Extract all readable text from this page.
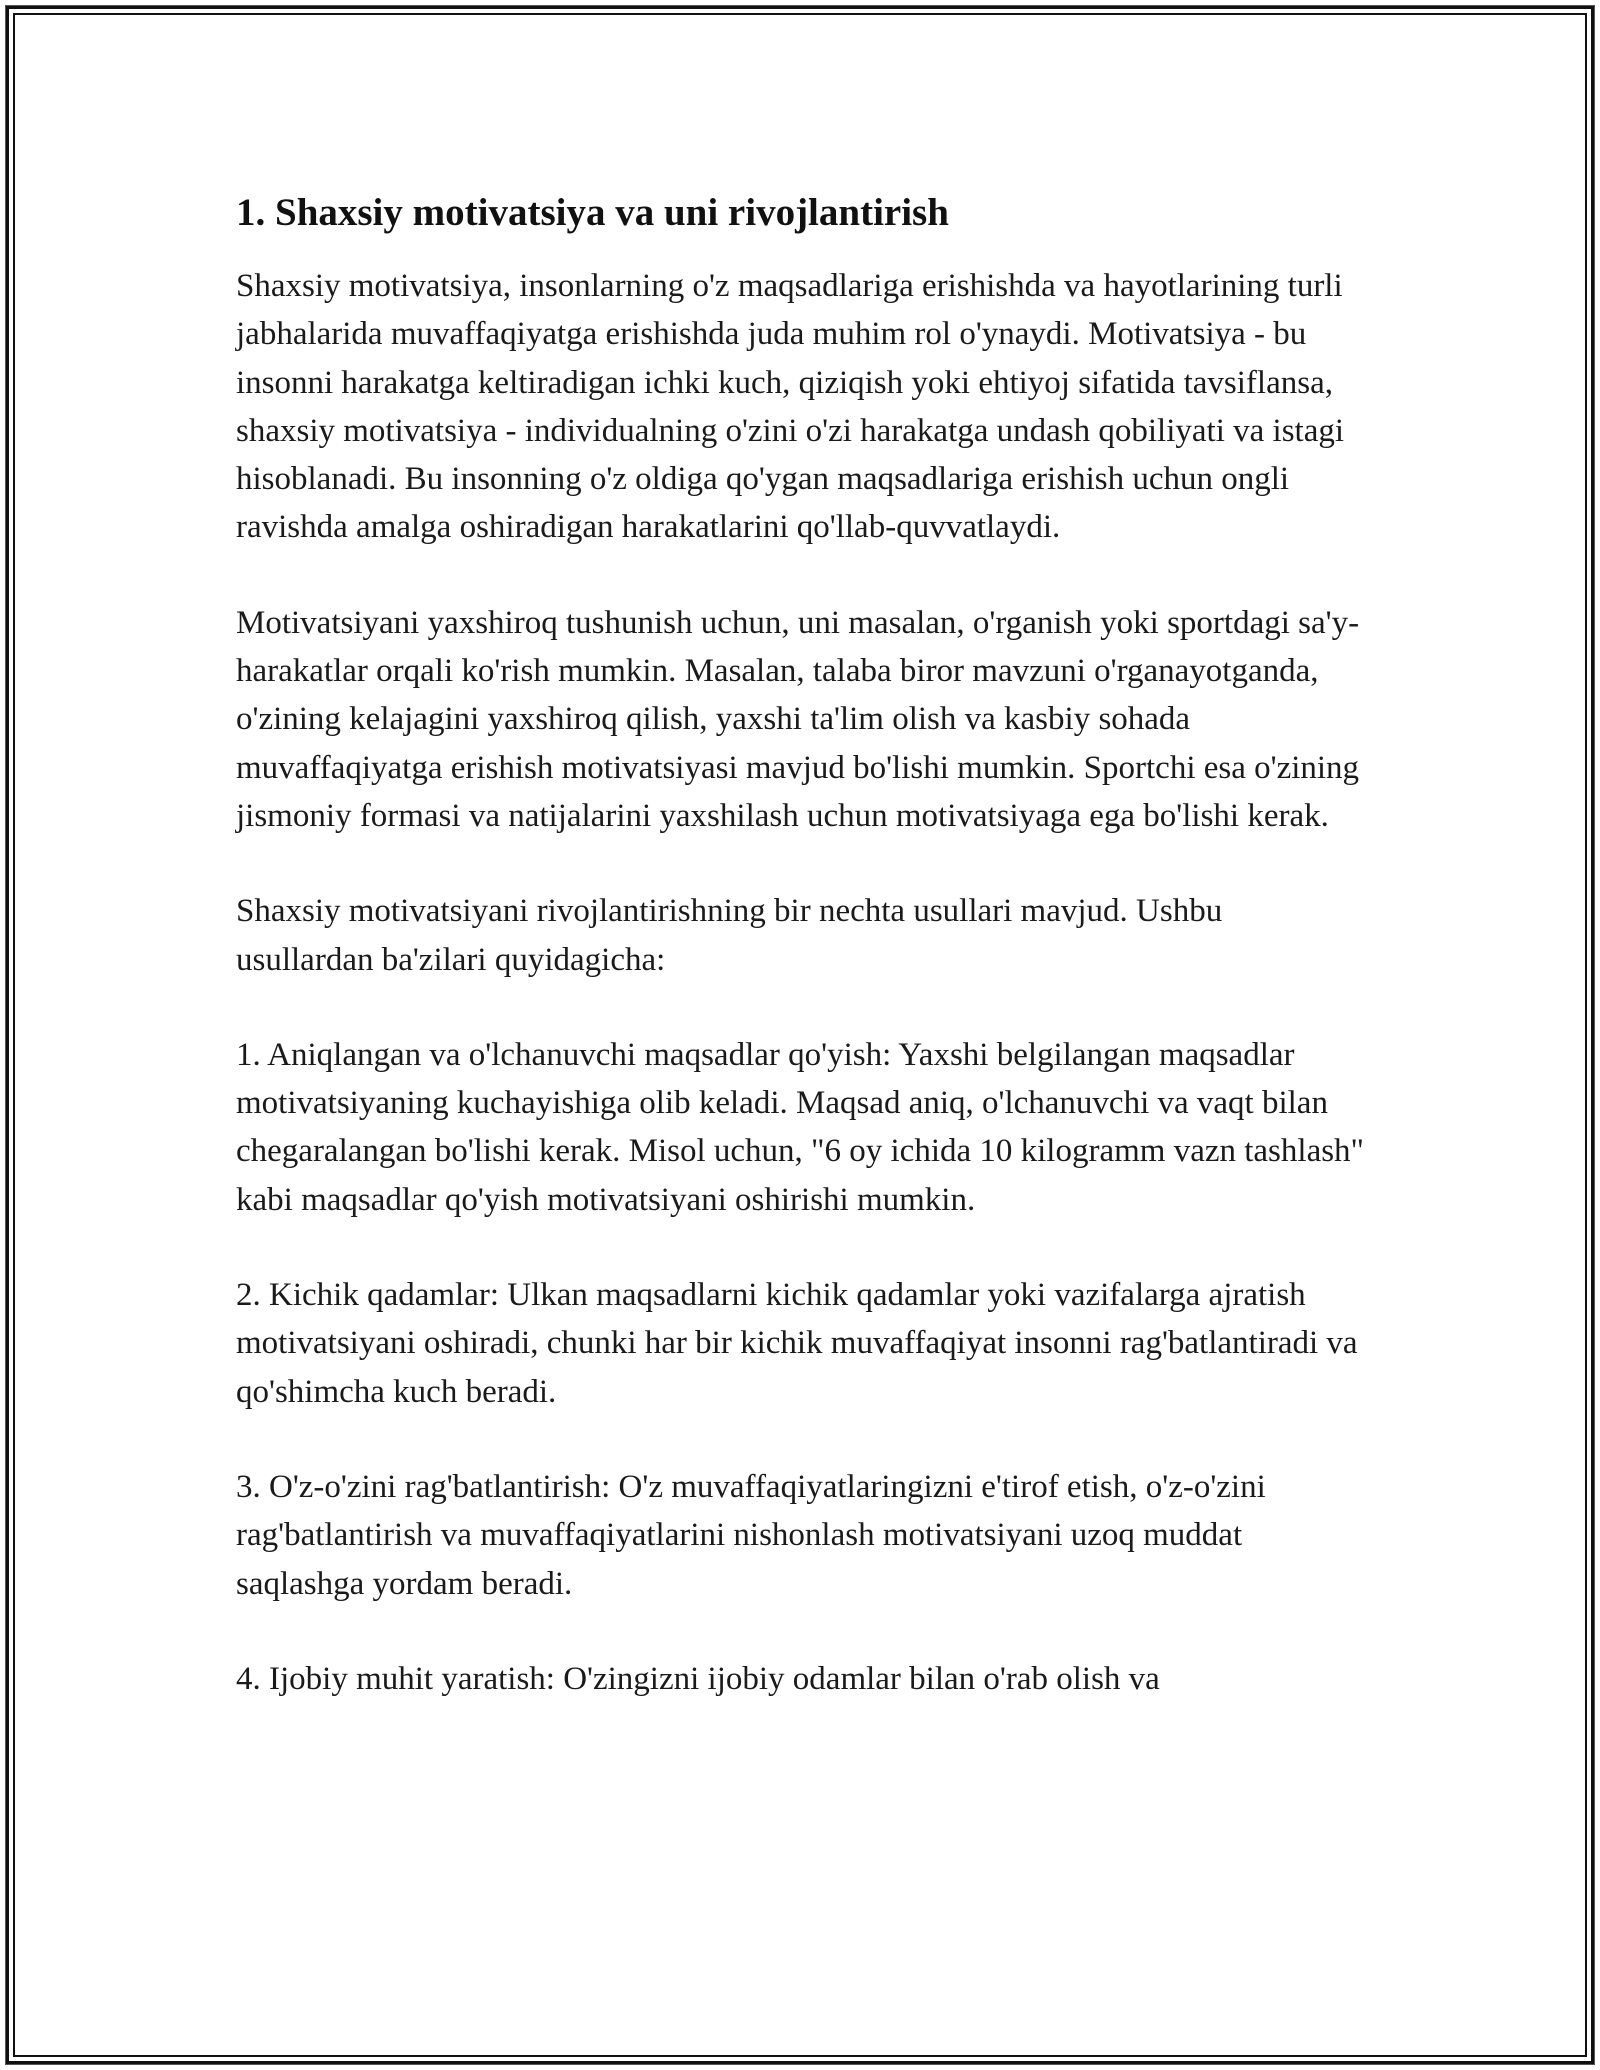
1. Shaxsiy motivatsiya va uni rivojlantirish

Shaxsiy motivatsiya, insonlarning o'z maqsadlariga erishishda va hayotlarining turli jabhalarida muvaffaqiyatga erishishda juda muhim rol o'ynaydi. Motivatsiya - bu insonni harakatga keltiradigan ichki kuch, qiziqish yoki ehtiyoj sifatida tavsiflansa, shaxsiy motivatsiya - individualning o'zini o'zi harakatga undash qobiliyati va istagi hisoblanadi. Bu insonning o'z oldiga qo'ygan maqsadlariga erishish uchun ongli ravishda amalga oshiradigan harakatlarini qo'llab-quvvatlaydi.

Motivatsiyani yaxshiroq tushunish uchun, uni masalan, o'rganish yoki sportdagi sa'y-harakatlar orqali ko'rish mumkin. Masalan, talaba biror mavzuni o'rganayotganda, o'zining kelajagini yaxshiroq qilish, yaxshi ta'lim olish va kasbiy sohada muvaffaqiyatga erishish motivatsiyasi mavjud bo'lishi mumkin. Sportchi esa o'zining jismoniy formasi va natijalarini yaxshilash uchun motivatsiyaga ega bo'lishi kerak.

Shaxsiy motivatsiyani rivojlantirishning bir nechta usullari mavjud. Ushbu usullardan ba'zilari quyidagicha:

1. Aniqlangan va o'lchanuvchi maqsadlar qo'yish: Yaxshi belgilangan maqsadlar motivatsiyaning kuchayishiga olib keladi. Maqsad aniq, o'lchanuvchi va vaqt bilan chegaralangan bo'lishi kerak. Misol uchun, "6 oy ichida 10 kilogramm vazn tashlash" kabi maqsadlar qo'yish motivatsiyani oshirishi mumkin.

2. Kichik qadamlar: Ulkan maqsadlarni kichik qadamlar yoki vazifalarga ajratish motivatsiyani oshiradi, chunki har bir kichik muvaffaqiyat insonni rag'batlantiradi va qo'shimcha kuch beradi.

3. O'z-o'zini rag'batlantirish: O'z muvaffaqiyatlaringizni e'tirof etish, o'z-o'zini rag'batlantirish va muvaffaqiyatlarini nishonlash motivatsiyani uzoq muddat saqlashga yordam beradi.

4. Ijobiy muhit yaratish: O'zingizni ijobiy odamlar bilan o'rab olish va
